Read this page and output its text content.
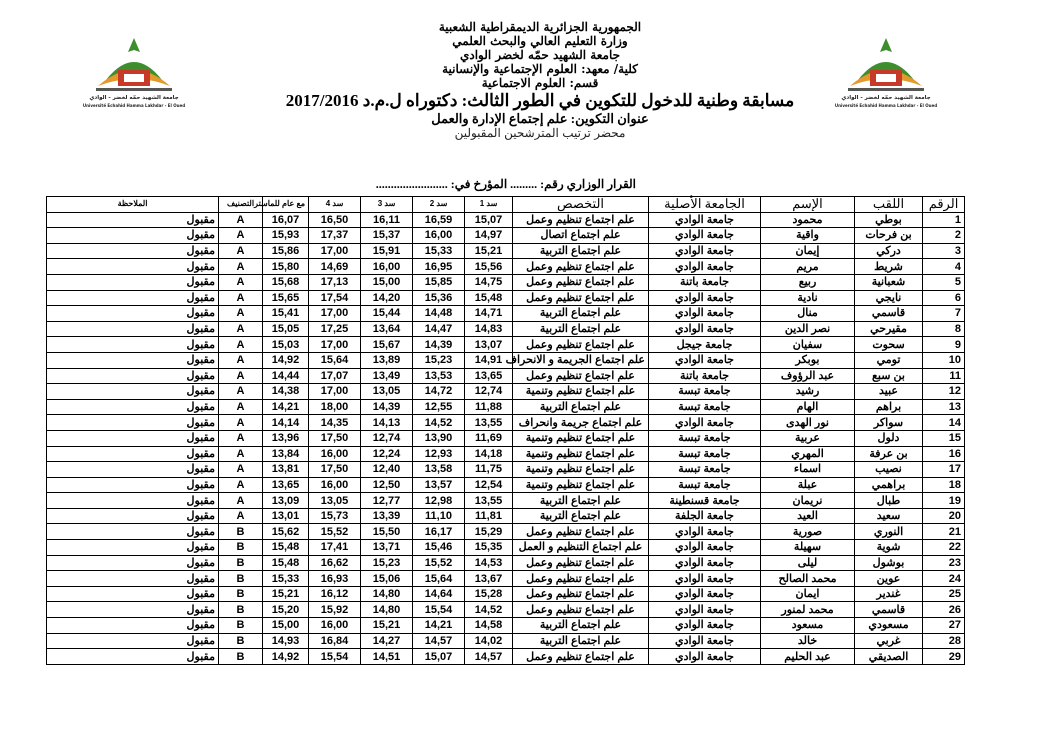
جامعة الشهيد حمّه لخضر - الوادي
Université Echahid Hamma Lakhdar - El Oued
جامعة الشهيد حمّه لخضر - الوادي
Université Echahid Hamma Lakhdar - El Oued
الجمهورية الجزائرية الديمقراطية الشعبية
وزارة التعليم العالي والبحث العلمي
جامعة الشهيد حمّه لخضر الوادي
كلية/ معهد: العلوم الإجتماعية والإنسانية
قسم: العلوم الاجتماعية
مسابقة وطنية للدخول للتكوين في الطور الثالث: دكتوراه ل.م.د 2017/2016
عنوان التكوين: علم إجتماع الإدارة والعمل
محضر ترتيب المترشحين المقبولين
القرار الوزاري رقم: ......... المؤرخ في: ........................
الرقم	اللقب	الإسم	الجامعة الأصلية	التخصص	سد 1	سد 2	سد 3	سد 4	مع عام للماستر	التصنيف	الملاحظة
1	بوطي	محمود	جامعة الوادي	علم اجتماع تنظيم وعمل	15,07	16,59	16,11	16,50	16,07	A	مقبول
2	بن فرحات	واقية	جامعة الوادي	علم اجتماع اتصال	14,97	16,00	15,37	17,37	15,93	A	مقبول
3	دركي	إيمان	جامعة الوادي	علم اجتماع التربية	15,21	15,33	15,91	17,00	15,86	A	مقبول
4	شريط	مريم	جامعة الوادي	علم اجتماع تنظيم وعمل	15,56	16,95	16,00	14,69	15,80	A	مقبول
5	شعبانية	ربيع	جامعة باتنة	علم اجتماع تنظيم وعمل	14,75	15,85	15,00	17,13	15,68	A	مقبول
6	نايجي	نادية	جامعة الوادي	علم اجتماع تنظيم وعمل	15,48	15,36	14,20	17,54	15,65	A	مقبول
7	قاسمي	منال	جامعة الوادي	علم اجتماع التربية	14,71	14,48	15,44	17,00	15,41	A	مقبول
8	مقيرحي	نصر الدين	جامعة الوادي	علم اجتماع التربية	14,83	14,47	13,64	17,25	15,05	A	مقبول
9	سحوت	سفيان	جامعة جيجل	علم اجتماع تنظيم وعمل	13,07	14,39	15,67	17,00	15,03	A	مقبول
10	تومي	بوبكر	جامعة الوادي	علم اجتماع الجريمة و الانحراف	14,91	15,23	13,89	15,64	14,92	A	مقبول
11	بن سبع	عبد الرؤوف	جامعة باتنة	علم اجتماع تنظيم وعمل	13,65	13,53	13,49	17,07	14,44	A	مقبول
12	عبيد	رشيد	جامعة تبسة	علم اجتماع تنظيم وتنمية	12,74	14,72	13,05	17,00	14,38	A	مقبول
13	براهم	الهام	جامعة تبسة	علم اجتماع التربية	11,88	12,55	14,39	18,00	14,21	A	مقبول
14	سواكر	نور الهدى	جامعة الوادي	علم اجتماع جريمة وانحراف	13,55	14,52	14,13	14,35	14,14	A	مقبول
15	دلول	عربية	جامعة تبسة	علم اجتماع تنظيم وتنمية	11,69	13,90	12,74	17,50	13,96	A	مقبول
16	بن عرفة	المهري	جامعة تبسة	علم اجتماع تنظيم وتنمية	14,18	12,93	12,24	16,00	13,84	A	مقبول
17	نصيب	اسماء	جامعة تبسة	علم اجتماع تنظيم وتنمية	11,75	13,58	12,40	17,50	13,81	A	مقبول
18	براهمي	عبلة	جامعة تبسة	علم اجتماع تنظيم وتنمية	12,54	13,57	12,50	16,00	13,65	A	مقبول
19	طبال	نريمان	جامعة قسنطينة	علم اجتماع التربية	13,55	12,98	12,77	13,05	13,09	A	مقبول
20	سعيد	العيد	جامعة الجلفة	علم اجتماع التربية	11,81	11,10	13,39	15,73	13,01	A	مقبول
21	النوري	صورية	جامعة الوادي	علم اجتماع تنظيم وعمل	15,29	16,17	15,50	15,52	15,62	B	مقبول
22	شوية	سهيلة	جامعة الوادي	علم اجتماع التنظيم و العمل	15,35	15,46	13,71	17,41	15,48	B	مقبول
23	بوشول	ليلى	جامعة الوادي	علم اجتماع تنظيم وعمل	14,53	15,52	15,23	16,62	15,48	B	مقبول
24	عوين	محمد الصالح	جامعة الوادي	علم اجتماع تنظيم وعمل	13,67	15,64	15,06	16,93	15,33	B	مقبول
25	غندير	ايمان	جامعة الوادي	علم اجتماع تنظيم وعمل	15,28	14,64	14,80	16,12	15,21	B	مقبول
26	قاسمي	محمد لمنور	جامعة الوادي	علم اجتماع تنظيم وعمل	14,52	15,54	14,80	15,92	15,20	B	مقبول
27	مسعودي	مسعود	جامعة الوادي	علم اجتماع التربية	14,58	14,21	15,21	16,00	15,00	B	مقبول
28	غربي	خالد	جامعة الوادي	علم اجتماع التربية	14,02	14,57	14,27	16,84	14,93	B	مقبول
29	الصديقي	عبد الحليم	جامعة الوادي	علم اجتماع تنظيم وعمل	14,57	15,07	14,51	15,54	14,92	B	مقبول
